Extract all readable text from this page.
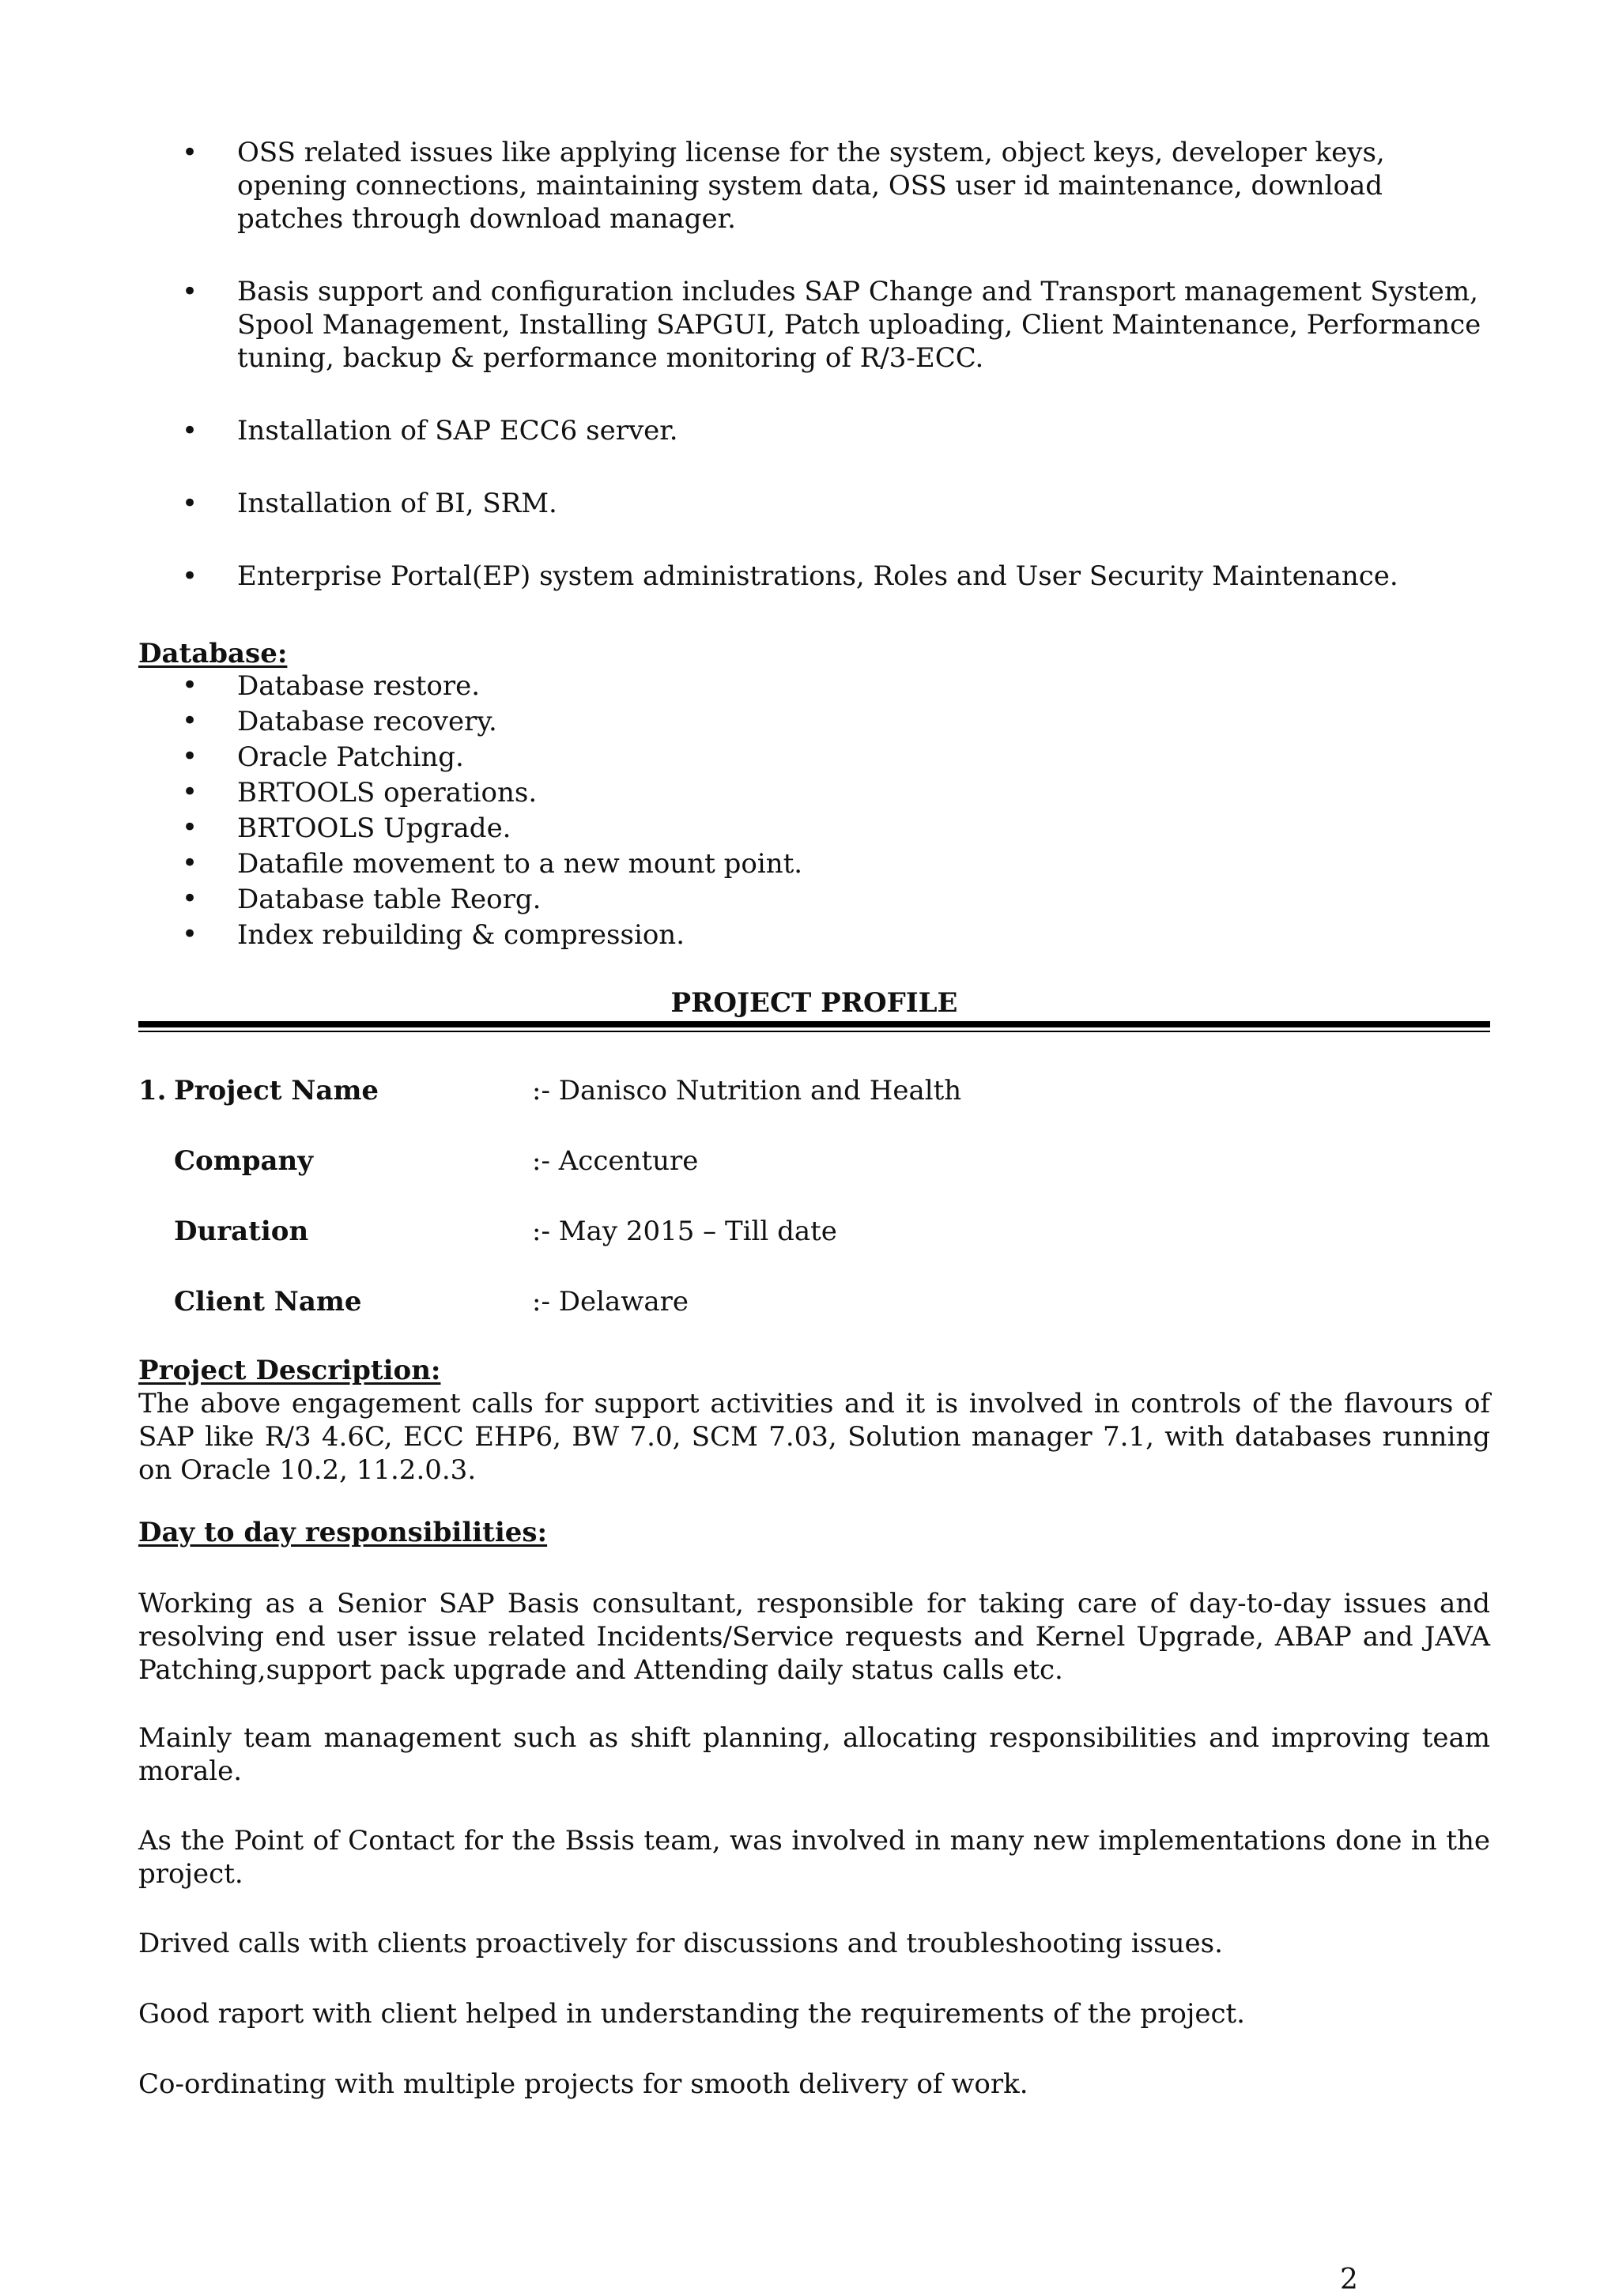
• OSS related issues like applying license for the system, object keys, developer keys, opening connections, maintaining system data, OSS user id maintenance, download patches through download manager.
• Basis support and configuration includes SAP Change and Transport management System, Spool Management, Installing SAPGUI, Patch uploading, Client Maintenance, Performance tuning, backup & performance monitoring of R/3-ECC.
• Installation of SAP ECC6 server.
• Installation of BI, SRM.
• Enterprise Portal(EP) system administrations, Roles and User Security Maintenance.
Database:
• Database restore.
• Database recovery.
• Oracle Patching.
• BRTOOLS operations.
• BRTOOLS Upgrade.
• Datafile movement to a new mount point.
• Database table Reorg.
• Index rebuilding & compression.
PROJECT PROFILE
1. Project Name	:- Danisco Nutrition and Health
Company	:- Accenture
Duration	:- May 2015 – Till date
Client Name	:- Delaware
Project Description:

The above engagement calls for support activities and it is involved in controls of the flavours of SAP like R/3 4.6C, ECC EHP6, BW 7.0, SCM 7.03, Solution manager 7.1, with databases running on Oracle 10.2, 11.2.0.3.

Day to day responsibilities:

Working as a Senior SAP Basis consultant, responsible for taking care of day-to-day issues and resolving end user issue related Incidents/Service requests and Kernel Upgrade, ABAP and JAVA Patching,support pack upgrade and Attending daily status calls etc.

Mainly team management such as shift planning, allocating responsibilities and improving team morale.

As the Point of Contact for the Bssis team, was involved in many new implementations done in the project.

Drived calls with clients proactively for discussions and troubleshooting issues.

Good raport with client helped in understanding the requirements of the project.

Co-ordinating with multiple projects for smooth delivery of work.

2
